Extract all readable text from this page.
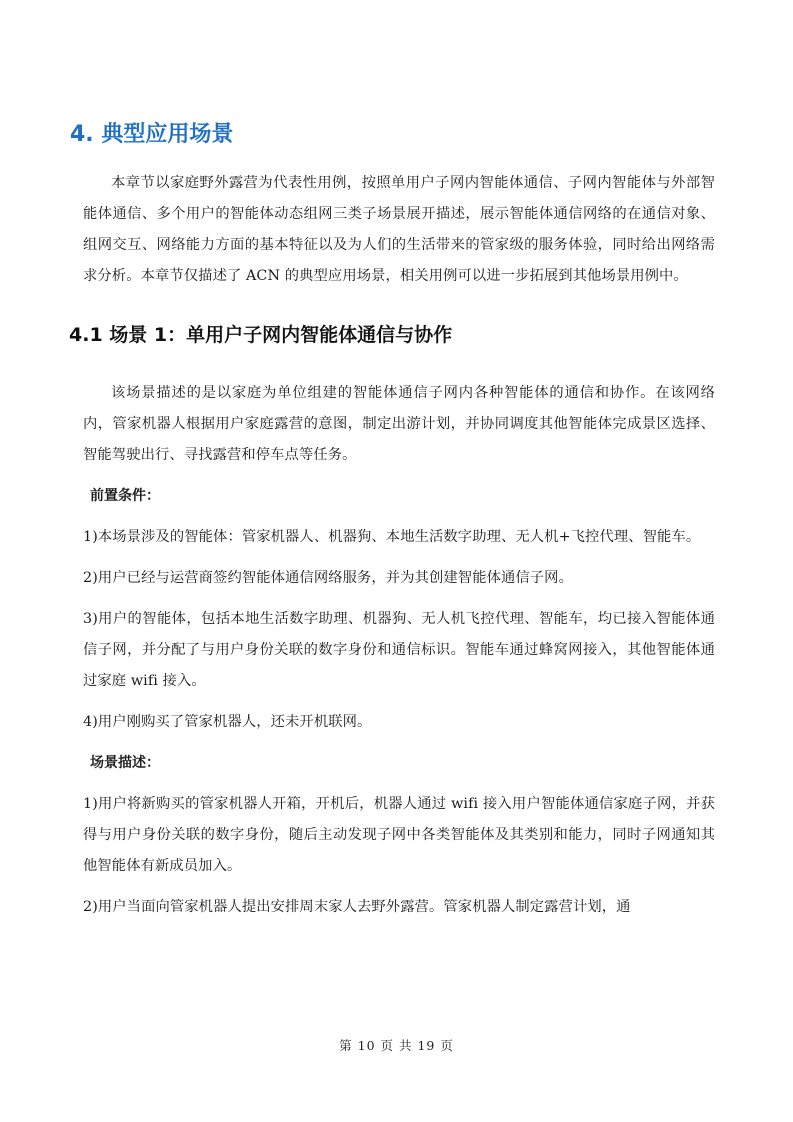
4. 典型应用场景

本章节以家庭野外露营为代表性用例，按照单用户子网内智能体通信、子网内智能体与外部智能体通信、多个用户的智能体动态组网三类子场景展开描述，展示智能体通信网络的在通信对象、组网交互、网络能力方面的基本特征以及为人们的生活带来的管家级的服务体验，同时给出网络需求分析。本章节仅描述了 ACN 的典型应用场景，相关用例可以进一步拓展到其他场景用例中。

4.1 场景 1：单用户子网内智能体通信与协作

该场景描述的是以家庭为单位组建的智能体通信子网内各种智能体的通信和协作。在该网络内，管家机器人根据用户家庭露营的意图，制定出游计划，并协同调度其他智能体完成景区选择、智能驾驶出行、寻找露营和停车点等任务。

前置条件：

1)本场景涉及的智能体：管家机器人、机器狗、本地生活数字助理、无人机+飞控代理、智能车。

2)用户已经与运营商签约智能体通信网络服务，并为其创建智能体通信子网。

3)用户的智能体，包括本地生活数字助理、机器狗、无人机飞控代理、智能车，均已接入智能体通信子网，并分配了与用户身份关联的数字身份和通信标识。智能车通过蜂窝网接入，其他智能体通过家庭 wifi 接入。

4)用户刚购买了管家机器人，还未开机联网。

场景描述：

1)用户将新购买的管家机器人开箱，开机后，机器人通过 wifi 接入用户智能体通信家庭子网，并获得与用户身份关联的数字身份，随后主动发现子网中各类智能体及其类别和能力，同时子网通知其他智能体有新成员加入。

2)用户当面向管家机器人提出安排周末家人去野外露营。管家机器人制定露营计划，通

第 10 页 共 19 页
